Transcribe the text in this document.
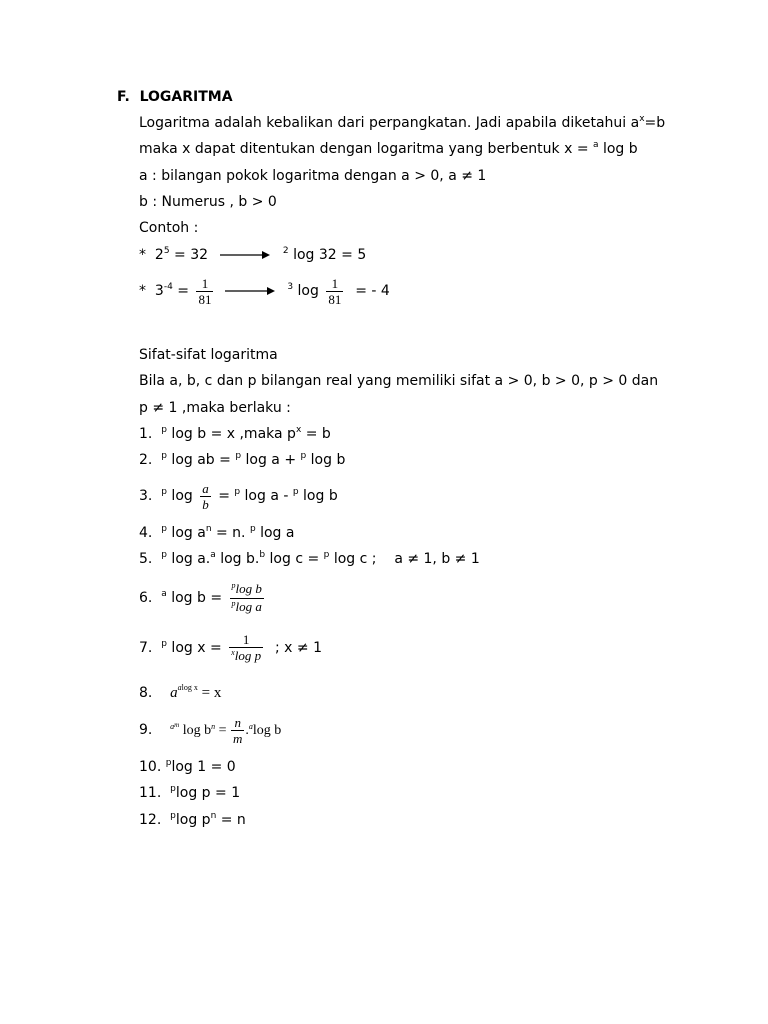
F. LOGARITMA
Logaritma adalah kebalikan dari perpangkatan. Jadi apabila diketahui $a^x=b$
maka x dapat ditentukan dengan logaritma yang berbentuk x = $^a$ log b
a : bilangan pokok logaritma dengan a > 0, a ≠ 1
b : Numerus , b > 0
Contoh :
* $2^5 = 32$	$^2$ log 32 = 5
* $3^{-4} = \frac{1}{81}$	$^3$ $\log \frac{1}{81}$ = - 4
Sifat-sifat logaritma
Bila a, b, c dan p bilangan real yang memiliki sifat a > 0, b > 0, p > 0 dan
p ≠ 1 ,maka berlaku :
1. $^p$ log b = x ,maka $p^x = b$
2. $^p$ log ab = $^p$ log a + $^p$ log b
3. $^p$ $\log \frac{a}{b} = ^p$ log a - $^p$ log b
4. $^p$ $\log a^n = n$. $^p$ log a
5. $^p$ log a.$^a$ log b.$^b$ log c = $^p$ log c ; a ≠ 1, b ≠ 1
6. $^a$ $\log b = \frac{^p\log b}{^p\log a}$
7. $^p$ $\log x = \frac{1}{^x\log p}$ ; x ≠ 1
8. $a^{alog x} = x$
9. $^{am}$ $\log b^n = \frac{n}{m} .^a\log$ b
10. $^p$log 1 = 0
11. $^p$log p = 1
12. $^p$log $p^n = n$
